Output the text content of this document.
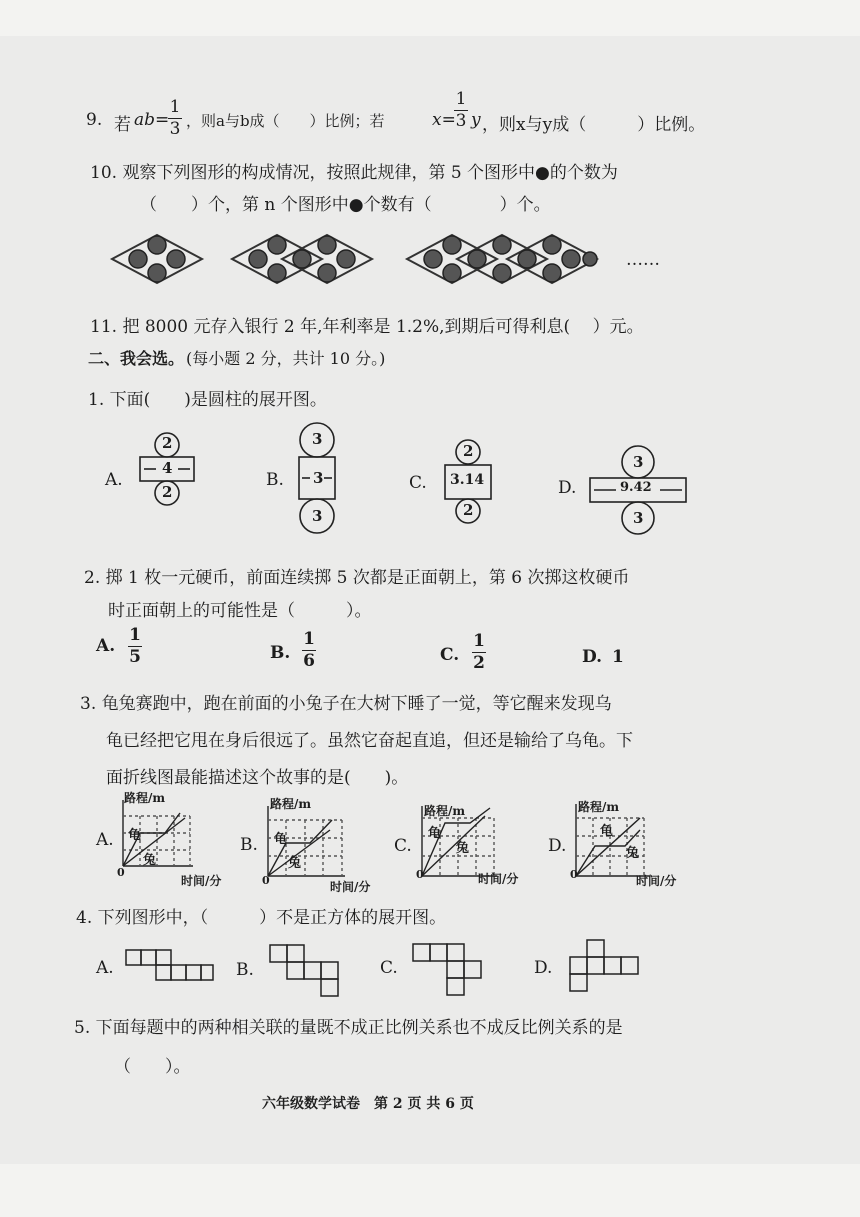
9. 若 ab=
1
3 ，则a与b成（　　）比例；若	x=
1
3 y ，则x与y成（　　　）比例。
10. 观察下列图形的构成情况，按照此规律，第 5 个图形中●的个数为
（　　）个，第 n 个图形中●个数有（　　　　）个。
……
11. 把 8000 元存入银行 2 年,年利率是 1.2%,到期后可得利息(　 ）元。
二、我会选。 (每小题 2 分，共计 10 分。)
1. 下面(　　)是圆柱的展开图。
A.	B.	C.	D.
2
4
2
3
3
3
2
3.14
2
3
9.42
3
2. 掷 1 枚一元硬币，前面连续掷 5 次都是正面朝上，第 6 次掷这枚硬币
时正面朝上的可能性是（　　　）。
A.
1
5	B.
1
6	C.
1
2	D. 1
3. 龟兔赛跑中，跑在前面的小兔子在大树下睡了一觉，等它醒来发现乌
龟已经把它甩在身后很远了。虽然它奋起直追，但还是输给了乌龟。下
面折线图最能描述这个故事的是(　　)。
A.	B.	C.	D.
路程/m
时间/分
0
龟
兔
路程/m
时间/分
0
龟
兔
路程/m
时间/分
0
龟
兔
路程/m
时间/分
0
龟
兔
4. 下列图形中，（　　　）不是正方体的展开图。
A.	B.	C.	D.
5. 下面每题中的两种相关联的量既不成正比例关系也不成反比例关系的是
（　　）。
六年级数学试卷　第 2 页 共 6 页
